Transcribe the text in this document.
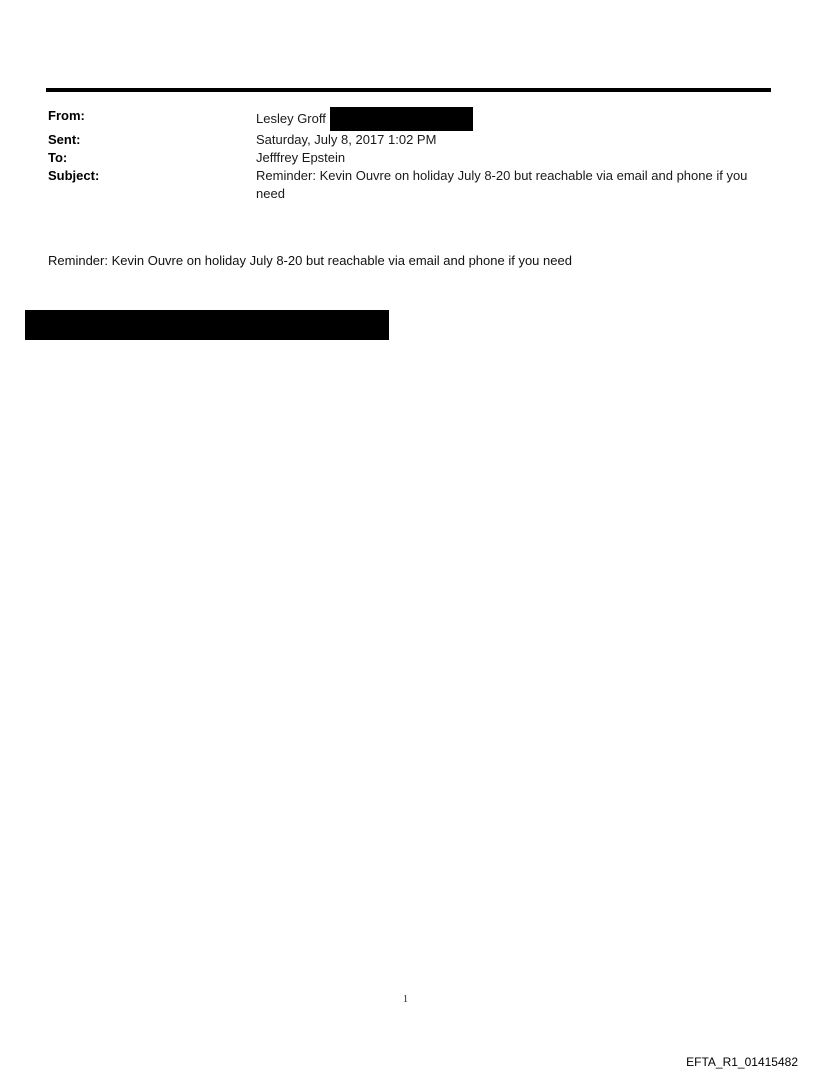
From:	Lesley Groff
Sent:	Saturday, July 8, 2017 1:02 PM
To:	Jefffrey Epstein
Subject:	Reminder: Kevin Ouvre on holiday July 8-20 but reachable via email and phone if you need
Reminder: Kevin Ouvre on holiday July 8-20 but reachable via email and phone if you need
1
EFTA_R1_01415482
